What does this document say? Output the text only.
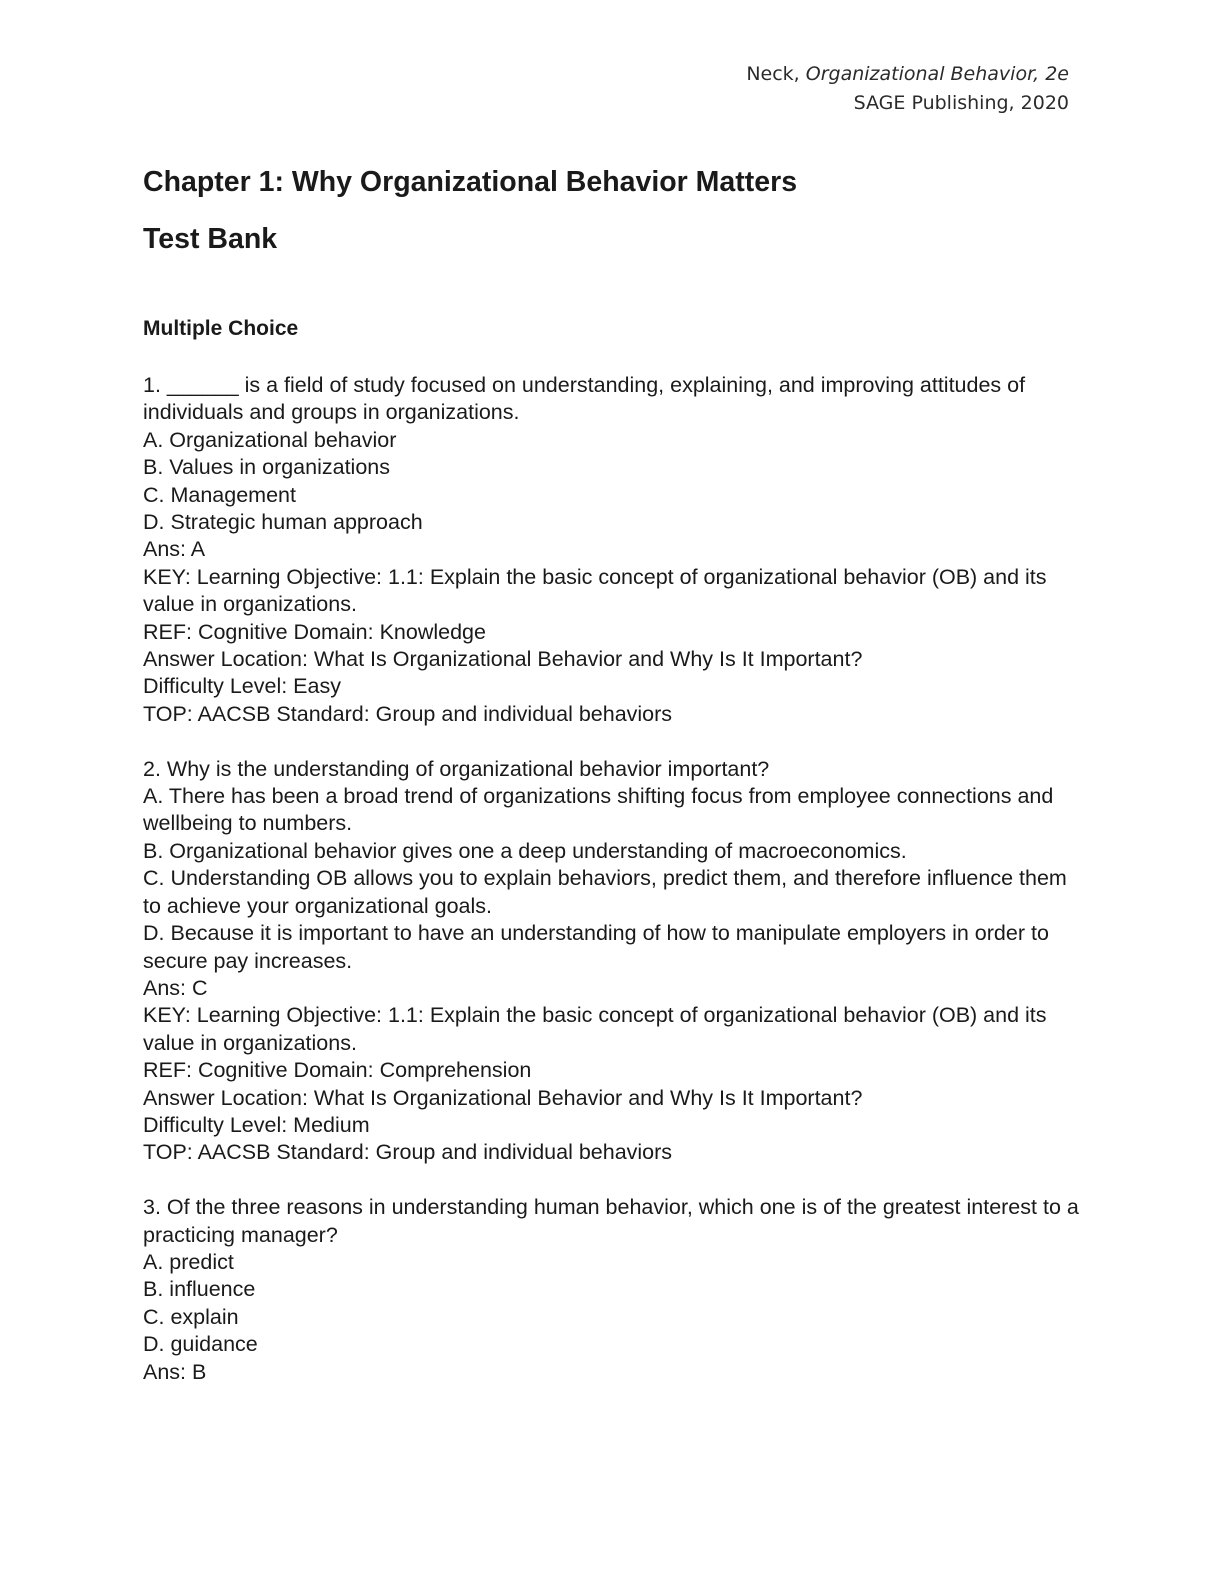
Neck, Organizational Behavior, 2e
SAGE Publishing, 2020
Chapter 1: Why Organizational Behavior Matters
Test Bank
Multiple Choice

1. ______ is a field of study focused on understanding, explaining, and improving attitudes of individuals and groups in organizations.

A. Organizational behavior

B. Values in organizations

C. Management

D. Strategic human approach

Ans: A

KEY: Learning Objective: 1.1: Explain the basic concept of organizational behavior (OB) and its value in organizations.

REF: Cognitive Domain: Knowledge

Answer Location: What Is Organizational Behavior and Why Is It Important?

Difficulty Level: Easy

TOP: AACSB Standard: Group and individual behaviors

2. Why is the understanding of organizational behavior important?

A. There has been a broad trend of organizations shifting focus from employee connections and wellbeing to numbers.

B. Organizational behavior gives one a deep understanding of macroeconomics.

C. Understanding OB allows you to explain behaviors, predict them, and therefore influence them to achieve your organizational goals.

D. Because it is important to have an understanding of how to manipulate employers in order to secure pay increases.

Ans: C

KEY: Learning Objective: 1.1: Explain the basic concept of organizational behavior (OB) and its value in organizations.

REF: Cognitive Domain: Comprehension

Answer Location: What Is Organizational Behavior and Why Is It Important?

Difficulty Level: Medium

TOP: AACSB Standard: Group and individual behaviors

3. Of the three reasons in understanding human behavior, which one is of the greatest interest to a practicing manager?

A. predict

B. influence

C. explain

D. guidance

Ans: B
